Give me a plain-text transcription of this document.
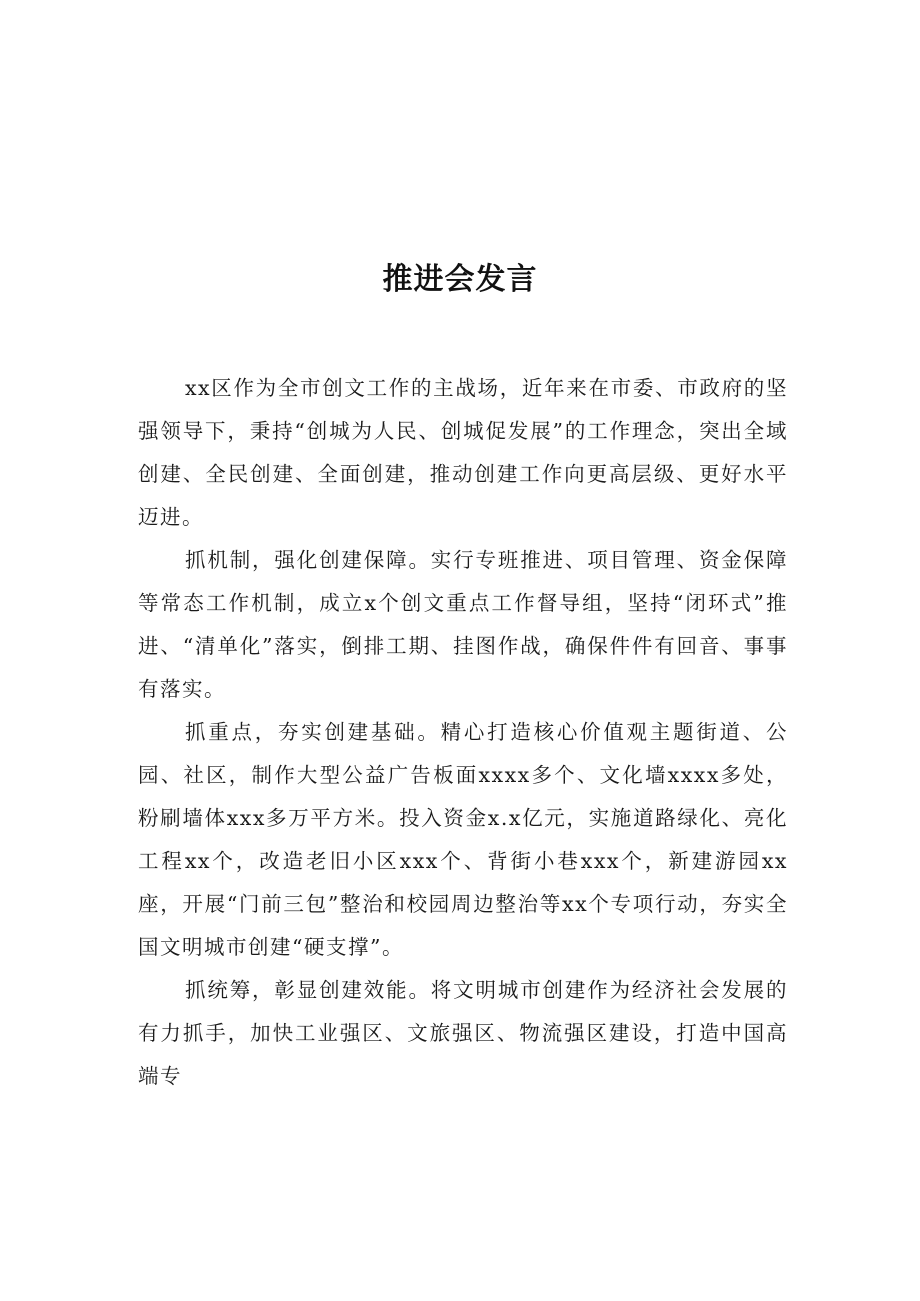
推进会发言

xx区作为全市创文工作的主战场，近年来在市委、市政府的坚强领导下，秉持“创城为人民、创城促发展”的工作理念，突出全域创建、全民创建、全面创建，推动创建工作向更高层级、更好水平迈进。

抓机制，强化创建保障。实行专班推进、项目管理、资金保障等常态工作机制，成立x个创文重点工作督导组，坚持“闭环式”推进、“清单化”落实，倒排工期、挂图作战，确保件件有回音、事事有落实。

抓重点，夯实创建基础。精心打造核心价值观主题街道、公园、社区，制作大型公益广告板面xxxx多个、文化墙xxxx多处，粉刷墙体xxx多万平方米。投入资金x.x亿元，实施道路绿化、亮化工程xx个，改造老旧小区xxx个、背街小巷xxx个，新建游园xx座，开展“门前三包”整治和校园周边整治等xx个专项行动，夯实全国文明城市创建“硬支撑”。

抓统筹，彰显创建效能。将文明城市创建作为经济社会发展的有力抓手，加快工业强区、文旅强区、物流强区建设，打造中国高端专
